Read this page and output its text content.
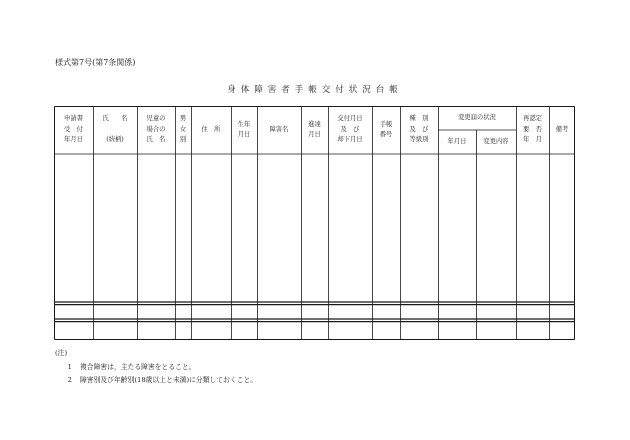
様式第7号(第7条関係)
身体障害者手帳交付状況台帳
申請書
受　付
年月日
氏　　名

(続柄)
児童の
場合の
氏　名
男
女
別
住　所
生年
月日
障害名
進達
月日
交付月日
及　び
却下月日
手帳
番号
種　別
及　び
等級別
変更届の状況
年月日	変更内容
再認定
要　否
年　月
備考
(注)
1 複合障害は，主たる障害をとること。
2 障害別及び年齢別(18歳以上と未満)に分類しておくこと。
